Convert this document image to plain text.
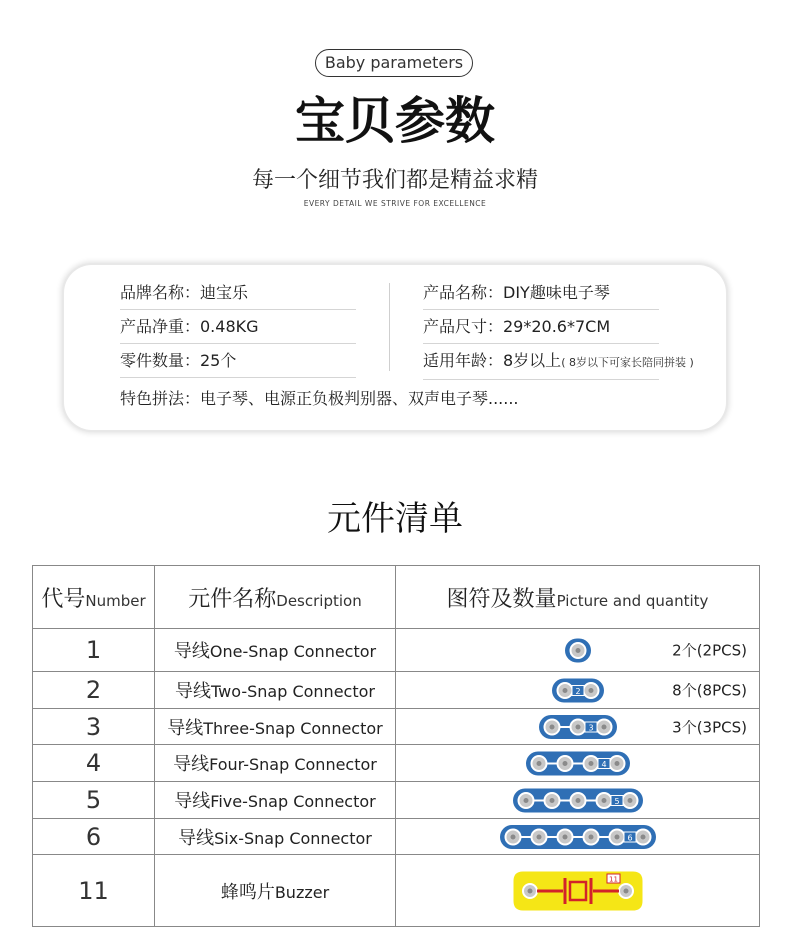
Baby parameters
宝贝参数
每一个细节我们都是精益求精
EVERY DETAIL WE STRIVE FOR EXCELLENCE
品牌名称：迪宝乐	产品名称：DIY趣味电子琴
产品净重：0.48KG	产品尺寸：29*20.6*7CM
零件数量：25个	适用年龄：8岁以上( 8岁以下可家长陪同拼装 )
特色拼法：电子琴、电源正负极判别器、双声电子琴......
元件清单
代号Number	元件名称Description	图符及数量Picture and quantity
1	导线One-Snap Connector	2个(2PCS)

2	导线Two-Snap Connector	2 8个(8PCS)

3	导线Three-Snap Connector	3 3个(3PCS)

4	导线Four-Snap Connector	4

5	导线Five-Snap Connector	5

6	导线Six-Snap Connector	6

11	蜂鸣片Buzzer	11
